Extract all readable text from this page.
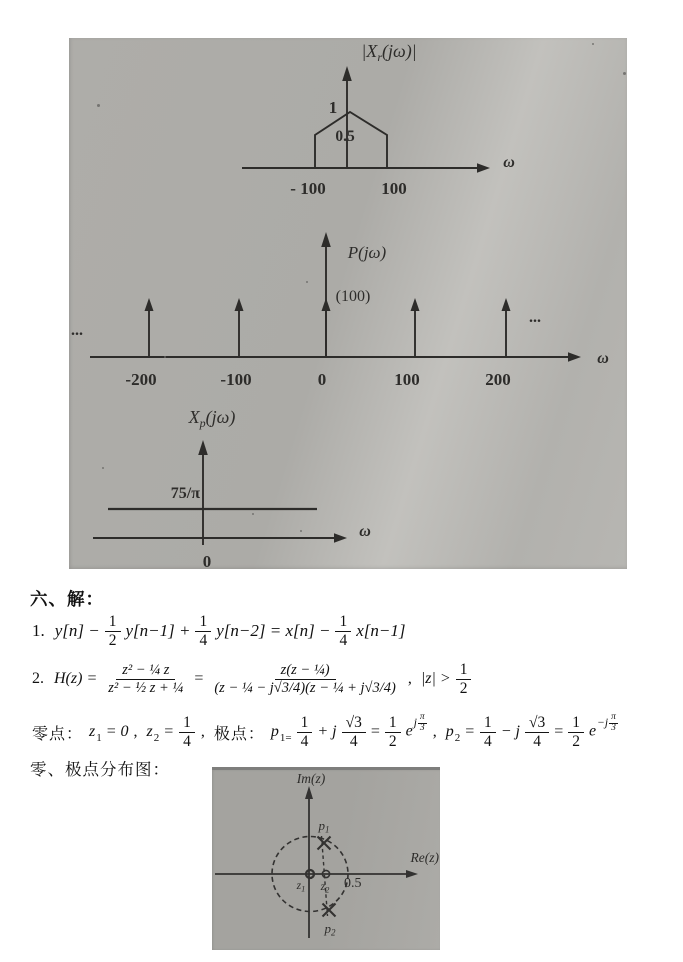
$|X_r(j\omega)|$
1
0.5
- 100	100
ω
P(jω)
(100)
-200	-100	0	100	200
...
...
ω
$X_p(j\omega)$
75/π
ω
0
六、解：
1. $y[n] - \frac{1}{2} y[n-1] + \frac{1}{4} y[n-2] = x[n] - \frac{1}{4} x[n-1]$
2. $H(z) = \frac{\text{z² − ¼ z}}{\text{z² − ½ z + ¼}} = \frac{\text{z(z − ¼)}}{\text{(z − ¼ − j√3/4)(z − ¼ + j√3/4)}}$ , $|z| > \frac{1}{2}$
零点： z1 = 0 , $z2 = \frac{1}{4}$ , 极点： $p1= \frac{1}{4} + j \frac{√3}{4} = \frac{1}{2}$ e j
π
3 , $p2 = \frac{1}{4} - j \frac{√3}{4} = \frac{1}{2}$ e −j
π
3
零、极点分布图：	Im(z)
Re(z)
p1
p2
$z_1$ $z_2$ 0.5
